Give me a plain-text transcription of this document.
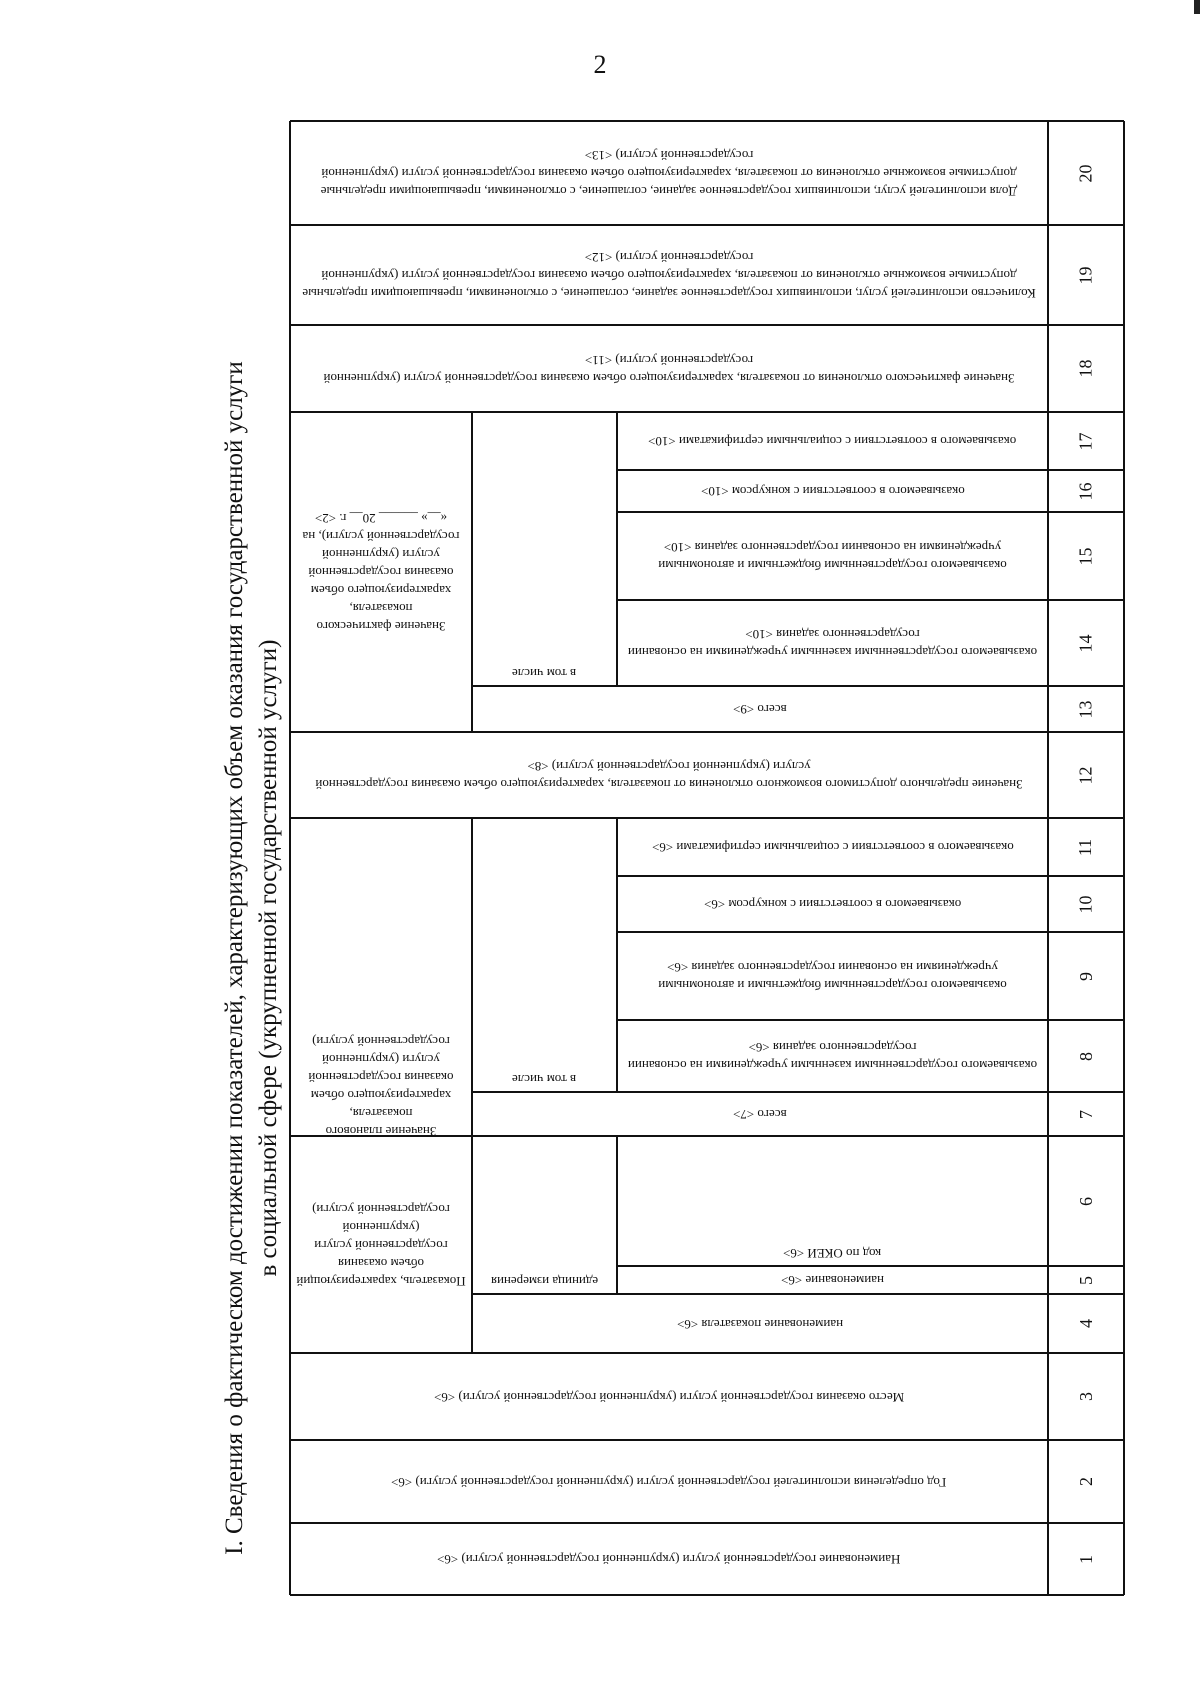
2
I. Сведения о фактическом достижении показателей, характеризующих объем оказания государственной услуги в социальной сфере (укрупненной государственной услуги)
Доля исполнителей услуг, исполнивших государственное задание, соглашение, с отклонениями, превышающими предельные допустимые возможные отклонения от показателя, характеризующего объем оказания государственной услуги (укрупненной государственной услуги) <13>
Количество исполнителей услуг, исполнивших государственное задание, соглашение, с отклонениями, превышающими предельные допустимые возможные отклонения от показателя, характеризующего объем оказания государственной услуги (укрупненной государственной услуги) <12>
Значение фактического отклонения от показателя, характеризующего объем оказания государственной услуги (укрупненной государственной услуги) <11>
Значение фактического показателя, характеризующего объем оказания государственной услуги (укрупненной государственной услуги), на «__» ______ 20__ г. <2>
в том числе
оказываемого в соответствии с социальными сертификатами <10>
оказываемого в соответствии с конкурсом <10>
оказываемого государственными бюджетными и автономными учреждениями на основании государственного задания <10>
оказываемого государственными казенными учреждениями на основании государственного задания <10>
всего <9>
Значение предельного допустимого возможного отклонения от показателя, характеризующего объем оказания государственной услуги (укрупненной государственной услуги) <8>
Значение планового показателя, характеризующего объем оказания государственной услуги (укрупненной государственной услуги)
в том числе
оказываемого в соответствии с социальными сертификатами <6>
оказываемого в соответствии с конкурсом <6>
оказываемого государственными бюджетными и автономными учреждениями на основании государственного задания <6>
оказываемого государственными казенными учреждениями на основании государственного задания <6>
всего <7>
Показатель, характеризующий объем оказания государственной услуги (укрупненной государственной услуги)
единица измерения
код по ОКЕИ <6>
наименование <6>
наименование показателя <6>
Место оказания государственной услуги (укрупненной государственной услуги) <6>
Год определения исполнителей государственной услуги (укрупненной государственной услуги) <6>
Наименование государственной услуги (укрупненной государственной услуги) <6>
20
19
18
17
16
15
14
13
12
11
10
9
8
7
6
5
4
3
2
1
